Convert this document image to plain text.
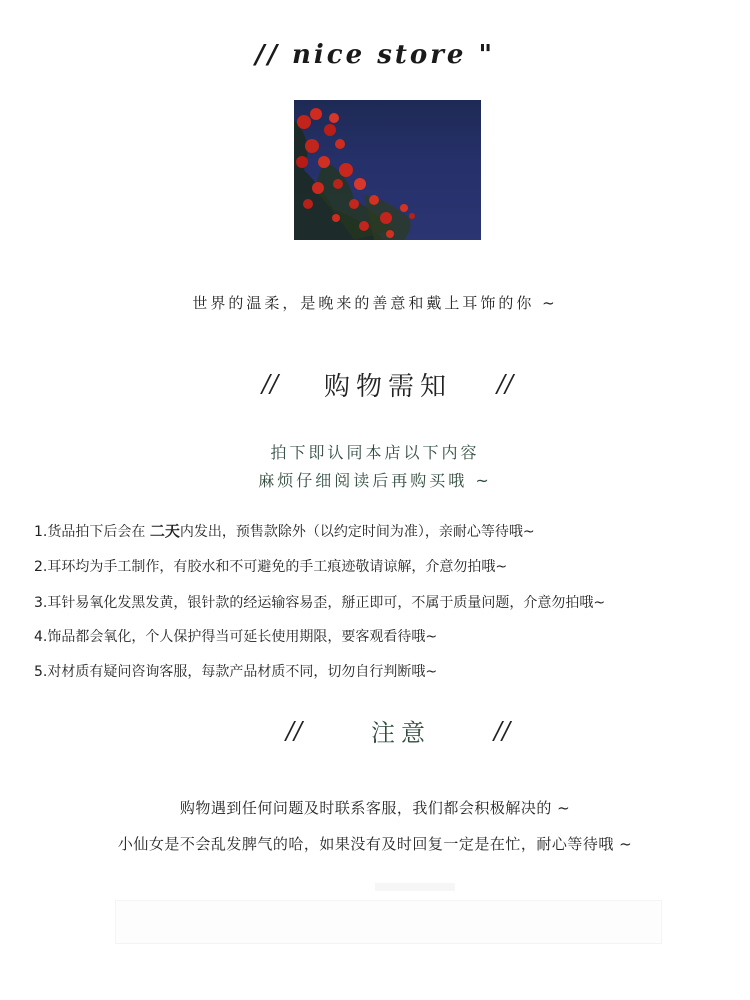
// nice store "
世界的温柔，是晚来的善意和戴上耳饰的你 ~
// 购物需知 //
拍下即认同本店以下内容
麻烦仔细阅读后再购买哦 ~
1.货品拍下后会在 二天内发出，预售款除外（以约定时间为准），亲耐心等待哦~
2.耳环均为手工制作，有胶水和不可避免的手工痕迹敬请谅解，介意勿拍哦~
3.耳针易氧化发黑发黄，银针款的经运输容易歪，掰正即可，不属于质量问题，介意勿拍哦~
4.饰品都会氧化，个人保护得当可延长使用期限，要客观看待哦~
5.对材质有疑问咨询客服，每款产品材质不同，切勿自行判断哦~
//	注意	//
购物遇到任何问题及时联系客服，我们都会积极解决的 ~
小仙女是不会乱发脾气的哈，如果没有及时回复一定是在忙，耐心等待哦 ~
